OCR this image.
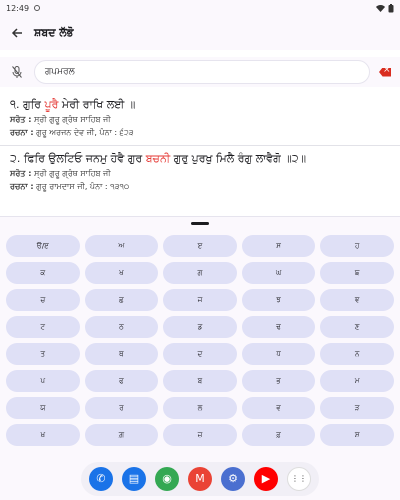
12:49
ਸ਼ਬਦ ਲੱਭੋ
ਗਪਮਰਲ
×
੧. ਗੁਰਿ ਪੂਰੈ ਮੇਰੀ ਰਾਖਿ ਲਈ ॥
ਸਰੋਤ : ਸ੍ਰੀ ਗੁਰੂ ਗ੍ਰੰਥ ਸਾਹਿਬ ਜੀ
ਰਚਨਾ : ਗੁਰੂ ਅਰਜਨ ਦੇਵ ਜੀ, ਪੰਨਾ : ੬੨੩
੨. ਫਿਰਿ ਉਲਟਿਓ ਜਨਮੁ ਹੋਵੈ ਗੁਰ ਬਚਨੀ ਗੁਰੁ ਪੁਰਖੁ ਮਿਲੈ ਰੰਗੁ ਲਾਵੈਗੋ ॥੨॥
ਸਰੋਤ : ਸ੍ਰੀ ਗੁਰੂ ਗ੍ਰੰਥ ਸਾਹਿਬ ਜੀ
ਰਚਨਾ : ਗੁਰੂ ਰਾਮਦਾਸ ਜੀ, ਪੰਨਾ : ੧੩੧੦
ੳ/ੲ	ਅ	ੲ	ਸ	ਹ
ਕ	ਖ	ਗ	ਘ	ਙ
ਚ	ਛ	ਜ	ਝ	ਞ
ਟ	ਠ	ਡ	ਢ	ਣ
ਤ	ਥ	ਦ	ਧ	ਨ
ਪ	ਫ	ਬ	ਭ	ਮ
ਯ	ਰ	ਲ	ਵ	ੜ
ਖ਼	ਗ਼	ਜ਼	ਫ਼	ਸ਼
✆	▤	◉	M	⚙	▶	⋮⋮
